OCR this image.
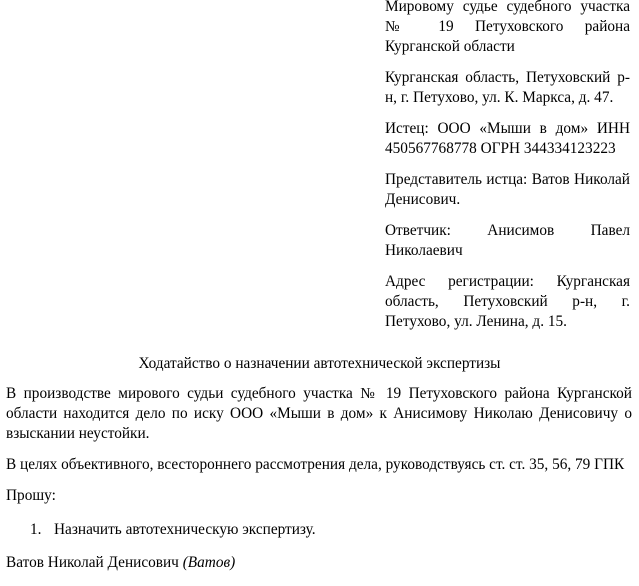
Мировому судье судебного участка № 19 Петуховского района Курганской области

Курганская область, Петуховский р-н, г. Петухово, ул. К. Маркса, д. 47.

Истец: ООО «Мыши в дом» ИНН 450567768778 ОГРН 344334123223

Представитель истца: Ватов Николай Денисович.

Ответчик: Анисимов Павел Николаевич

Адрес регистрации: Курганская область, Петуховский р-н, г. Петухово, ул. Ленина, д. 15.

Ходатайство о назначении автотехнической экспертизы

В производстве мирового судьи судебного участка № 19 Петуховского района Курганской области находится дело по иску ООО «Мыши в дом» к Анисимову Николаю Денисовичу о взыскании неустойки.

В целях объективного, всестороннего рассмотрения дела, руководствуясь ст. ст. 35, 56, 79 ГПК

Прошу:

1. Назначить автотехническую экспертизу.

Ватов Николай Денисович (Ватов)
